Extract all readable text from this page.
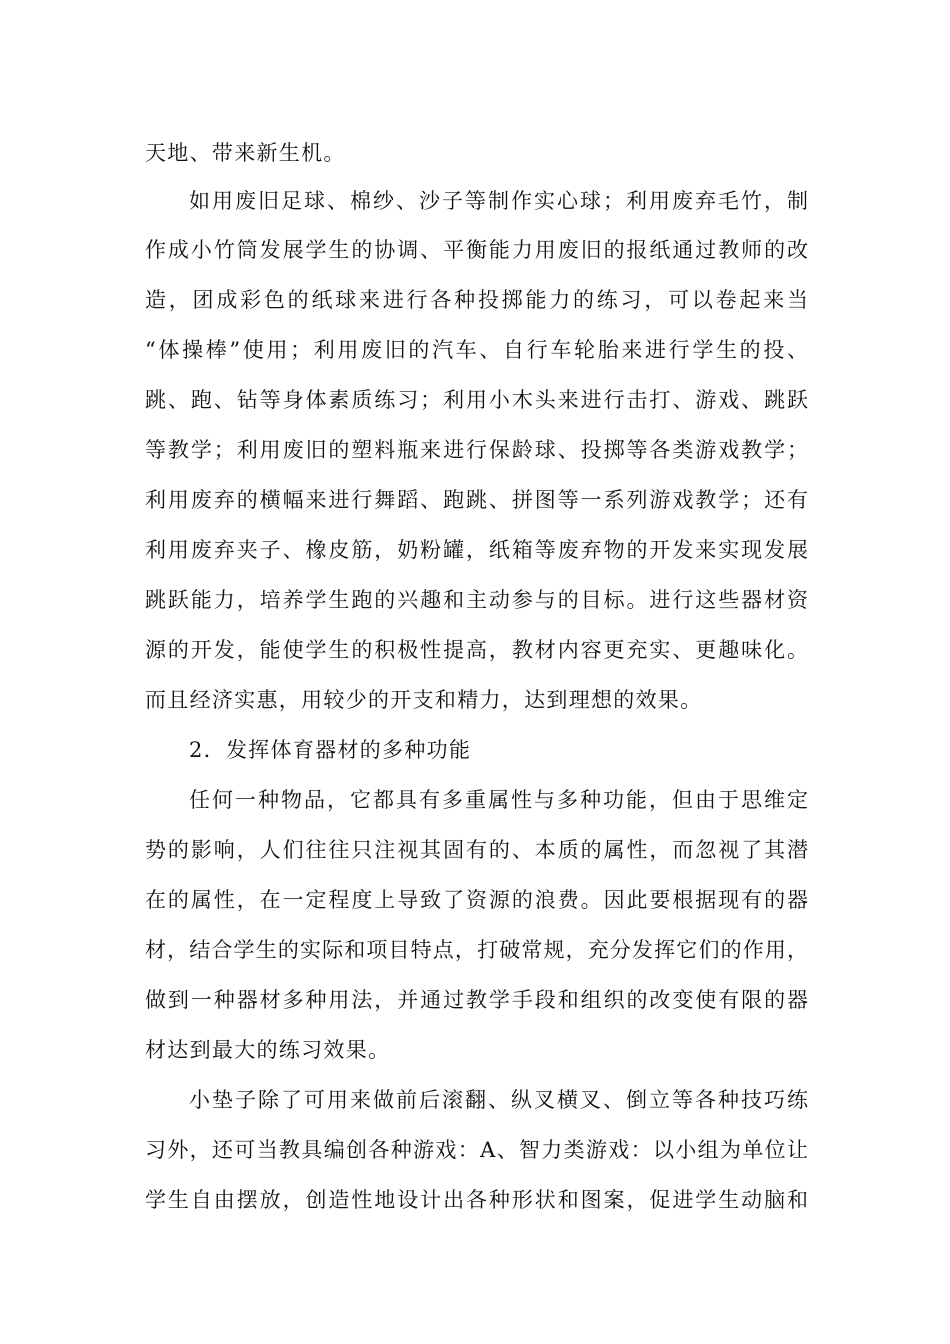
天地、带来新生机。
如用废旧足球、棉纱、沙子等制作实心球；利用废弃毛竹，制
作成小竹筒发展学生的协调、平衡能力用废旧的报纸通过教师的改
造，团成彩色的纸球来进行各种投掷能力的练习，可以卷起来当
“体操棒”使用；利用废旧的汽车、自行车轮胎来进行学生的投、
跳、跑、钻等身体素质练习；利用小木头来进行击打、游戏、跳跃
等教学；利用废旧的塑料瓶来进行保龄球、投掷等各类游戏教学；
利用废弃的横幅来进行舞蹈、跑跳、拼图等一系列游戏教学；还有
利用废弃夹子、橡皮筋，奶粉罐，纸箱等废弃物的开发来实现发展
跳跃能力，培养学生跑的兴趣和主动参与的目标。进行这些器材资
源的开发，能使学生的积极性提高，教材内容更充实、更趣味化。
而且经济实惠，用较少的开支和精力，达到理想的效果。
2．发挥体育器材的多种功能
任何一种物品，它都具有多重属性与多种功能，但由于思维定
势的影响，人们往往只注视其固有的、本质的属性，而忽视了其潜
在的属性，在一定程度上导致了资源的浪费。因此要根据现有的器
材，结合学生的实际和项目特点，打破常规，充分发挥它们的作用，
做到一种器材多种用法，并通过教学手段和组织的改变使有限的器
材达到最大的练习效果。
小垫子除了可用来做前后滚翻、纵叉横叉、倒立等各种技巧练
习外，还可当教具编创各种游戏：A、智力类游戏：以小组为单位让
学生自由摆放，创造性地设计出各种形状和图案，促进学生动脑和
